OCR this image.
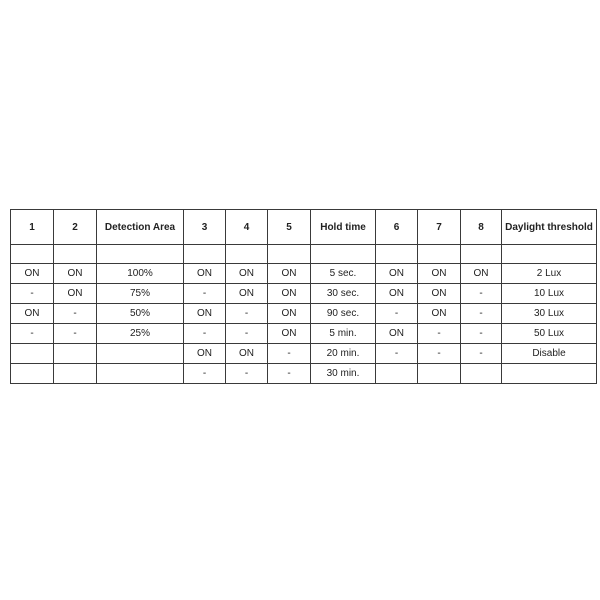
1	2	Detection Area	3	4	5	Hold time	6	7	8	Daylight threshold

ON	ON	100%	ON	ON	ON	5 sec.	ON	ON	ON	2 Lux
-	ON	75%	-	ON	ON	30 sec.	ON	ON	-	10 Lux
ON	-	50%	ON	-	ON	90 sec.	-	ON	-	30 Lux
-	-	25%	-	-	ON	5 min.	ON	-	-	50 Lux
			ON	ON	-	20 min.	-	-	-	Disable
			-	-	-	30 min.				
